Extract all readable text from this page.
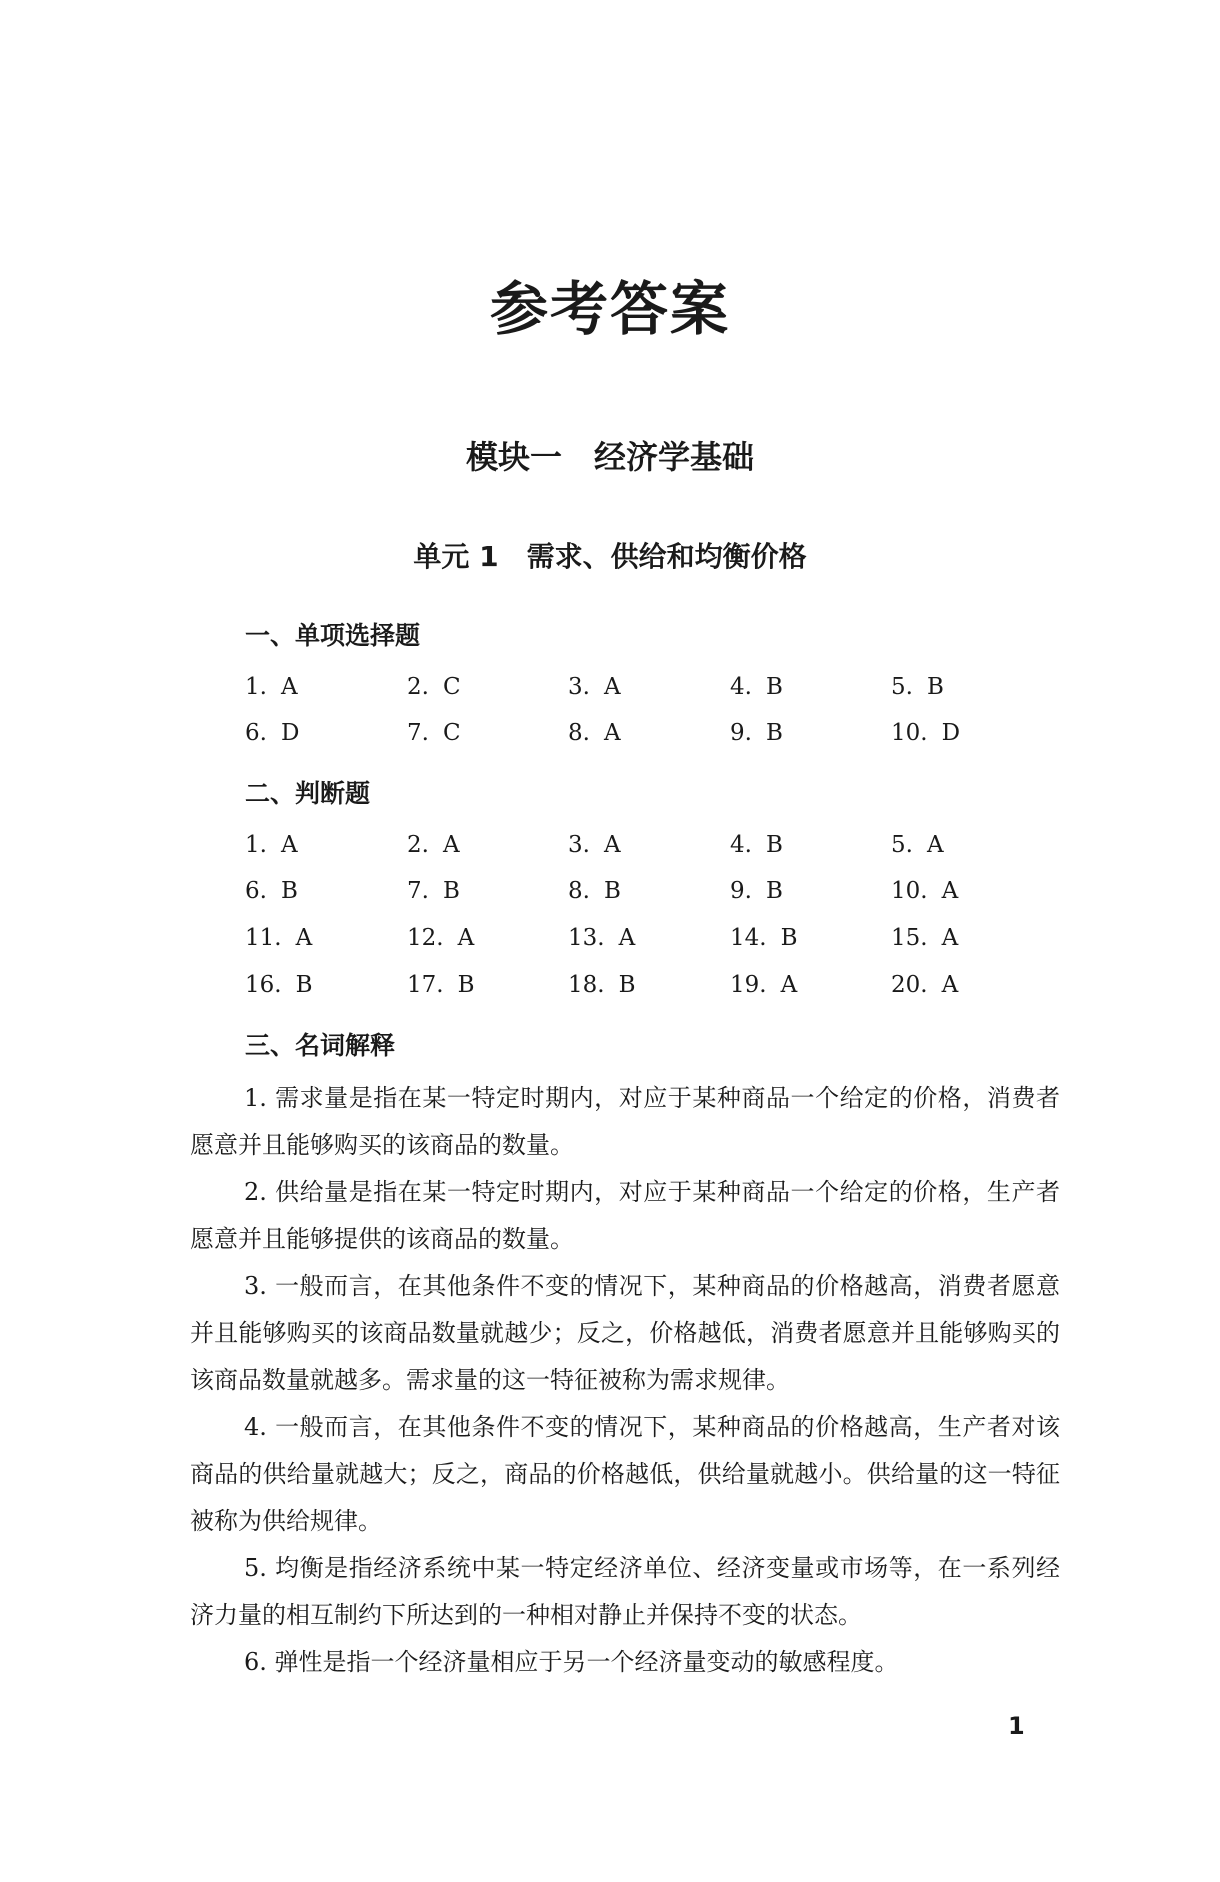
参考答案
模块一　经济学基础
单元 1　需求、供给和均衡价格
一、单项选择题
1. A	2. C	3. A	4. B	5. B
6. D	7. C	8. A	9. B	10. D
二、判断题
1. A	2. A	3. A	4. B	5. A
6. B	7. B	8. B	9. B	10. A
11. A	12. A	13. A	14. B	15. A
16. B	17. B	18. B	19. A	20. A
三、名词解释

1. 需求量是指在某一特定时期内，对应于某种商品一个给定的价格，消费者愿意并且能够购买的该商品的数量。

2. 供给量是指在某一特定时期内，对应于某种商品一个给定的价格，生产者愿意并且能够提供的该商品的数量。

3. 一般而言，在其他条件不变的情况下，某种商品的价格越高，消费者愿意并且能够购买的该商品数量就越少；反之，价格越低，消费者愿意并且能够购买的该商品数量就越多。需求量的这一特征被称为需求规律。

4. 一般而言，在其他条件不变的情况下，某种商品的价格越高，生产者对该商品的供给量就越大；反之，商品的价格越低，供给量就越小。供给量的这一特征被称为供给规律。

5. 均衡是指经济系统中某一特定经济单位、经济变量或市场等，在一系列经济力量的相互制约下所达到的一种相对静止并保持不变的状态。

6. 弹性是指一个经济量相应于另一个经济量变动的敏感程度。

1
